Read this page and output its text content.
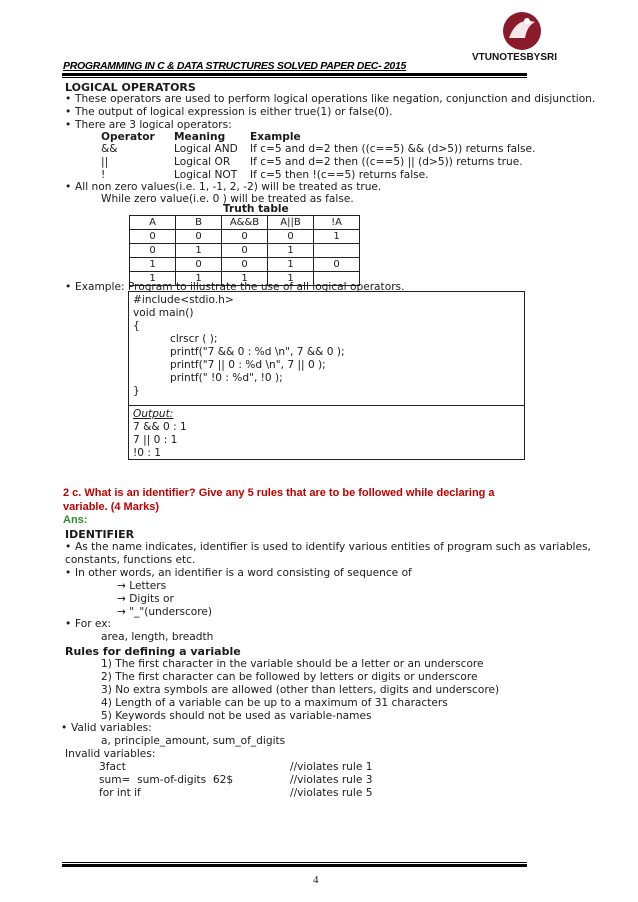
VTUNOTESBYSRI
PROGRAMMING IN C & DATA STRUCTURES SOLVED PAPER DEC- 2015
LOGICAL OPERATORS
• These operators are used to perform logical operations like negation, conjunction and disjunction.
• The output of logical expression is either true(1) or false(0).
• There are 3 logical operators:
Operator Meaning Example
&&	Logical AND If c=5 and d=2 then ((c==5) && (d>5)) returns false.
||	Logical OR If c=5 and d=2 then ((c==5) || (d>5)) returns true.
!	Logical NOT If c=5 then !(c==5) returns false.
• All non zero values(i.e. 1, -1, 2, -2) will be treated as true.
While zero value(i.e. 0 ) will be treated as false.
Truth table
A	B	A&&B	A||B	!A
0	0	0	0	1
0	1	0	1	
1	0	0	1	0
1	1	1	1	
• Example: Program to illustrate the use of all logical operators.
#include<stdio.h>
void main()
{
clrscr ( );
printf("7 && 0 : %d \n", 7 && 0 );
printf("7 || 0 : %d \n", 7 || 0 );
printf(" !0 : %d", !0 );
}
Output:
7 && 0 : 1
7 || 0 : 1
!0 : 1
2 c. What is an identifier? Give any 5 rules that are to be followed while declaring a
variable. (4 Marks)
Ans:
IDENTIFIER
• As the name indicates, identifier is used to identify various entities of program such as variables,
constants, functions etc.
• In other words, an identifier is a word consisting of sequence of
→ Letters
→ Digits or
→ "_"(underscore)
• For ex:
area, length, breadth
Rules for defining a variable
1) The first character in the variable should be a letter or an underscore
2) The first character can be followed by letters or digits or underscore
3) No extra symbols are allowed (other than letters, digits and underscore)
4) Length of a variable can be up to a maximum of 31 characters
5) Keywords should not be used as variable-names
• Valid variables:
a, principle_amount, sum_of_digits
Invalid variables:
3fact	//violates rule 1
sum=  sum-of-digits  62$	//violates rule 3
for int if	//violates rule 5
4
